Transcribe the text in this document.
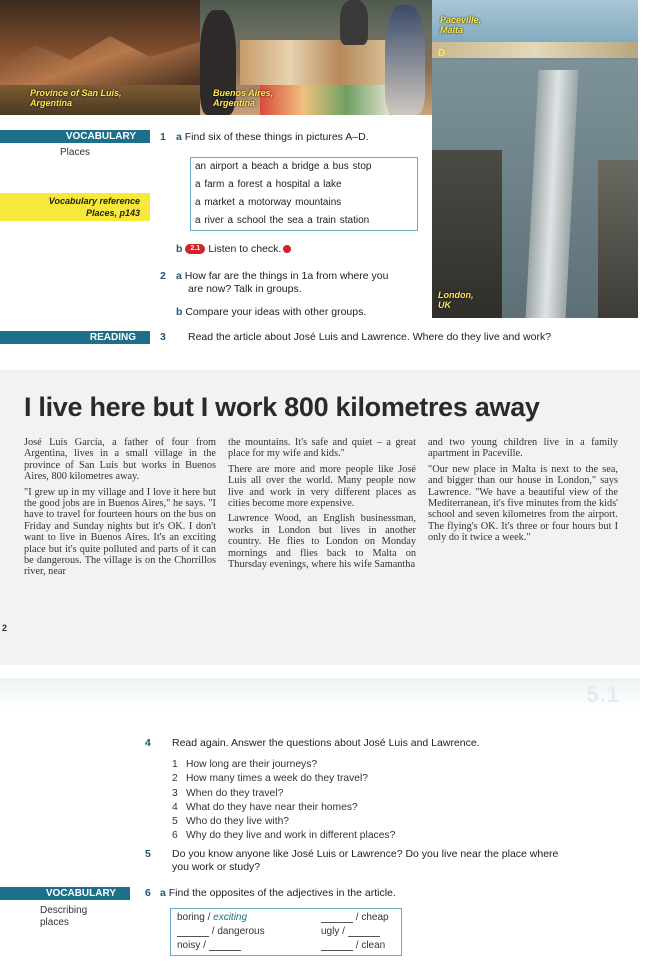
Province of San Luis,
Argentina
Buenos Aires,
Argentina
Paceville,
Malta
D
London,
UK
VOCABULARY
Places
Vocabulary reference
Places, p143
1 a Find six of these things in pictures A–D.
an airport a beach a bridge a bus stop
a farm a forest a hospital a lake
a market a motorway mountains
a river a school the sea a train station
b 2.1 Listen to check.
2 a How far are the things in 1a from where you
are now? Talk in groups.
b Compare your ideas with other groups.
READING	3 Read the article about José Luis and Lawrence. Where do they live and work?
I live here but I work 800 kilometres away

José Luis García, a father of four from Argentina, lives in a small village in the province of San Luis but works in Buenos Aires, 800 kilometres away.

"I grew up in my village and I love it here but the good jobs are in Buenos Aires," he says. "I have to travel for fourteen hours on the bus on Friday and Sunday nights but it's OK. I don't want to live in Buenos Aires. It's an exciting place but it's quite polluted and parts of it can be dangerous. The village is on the Chorrillos river, near

the mountains. It's safe and quiet – a great place for my wife and kids."

There are more and more people like José Luis all over the world. Many people now live and work in very different places as cities become more expensive.

Lawrence Wood, an English businessman, works in London but lives in another country. He flies to London on Monday mornings and flies back to Malta on Thursday evenings, where his wife Samantha

and two young children live in a family apartment in Paceville.

"Our new place in Malta is next to the sea, and bigger than our house in London," says Lawrence. "We have a beautiful view of the Mediterranean, it's five minutes from the kids' school and seven kilometres from the airport. The flying's OK. It's three or four hours but I only do it twice a week."

2
5.1
4 Read again. Answer the questions about José Luis and Lawrence.
1 How long are their journeys?
2 How many times a week do they travel?
3 When do they travel?
4 What do they have near their homes?
5 Who do they live with?
6 Why do they live and work in different places?
5 Do you know anyone like José Luis or Lawrence? Do you live near the place where
you work or study?
VOCABULARY
Describing
places
6 a Find the opposites of the adjectives in the article.
boring / exciting	/ cheap
/ dangerous	ugly /
noisy /	/ clean
